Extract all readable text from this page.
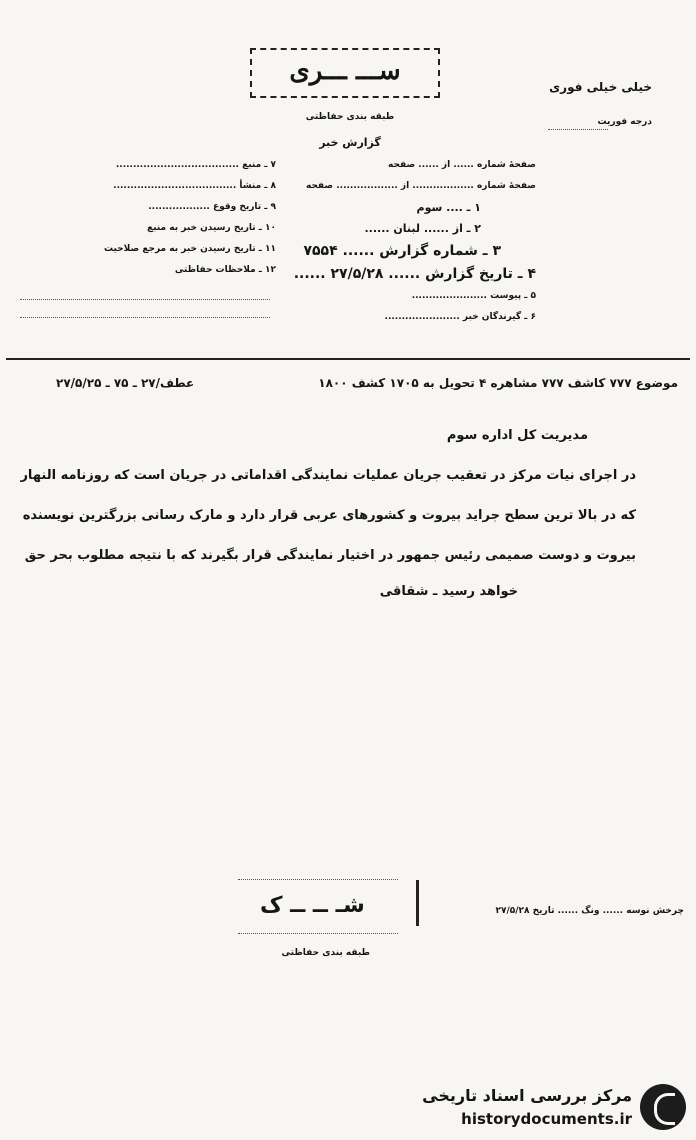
ســـ ـــری
طبقه بندی حفاظتی
خیلی خیلی فوری
درجه فوریت
گزارش خبر
صفحهٔ شماره ...... از ...... صفحه
صفحهٔ شماره .................. از .................. صفحه
۱ ـ .... سوم
۲ ـ از ...... لبنان ......
۳ ـ شماره گزارش ...... ۷۵۵۴
۴ ـ تاریخ گزارش ...... ۲۷/۵/۲۸ ......
۵ ـ پیوست ......................
۶ ـ گیرندگان خبر ......................
۷ ـ منبع ....................................
۸ ـ منشأ ....................................
۹ ـ تاریخ وقوع ..................
۱۰ ـ تاریخ رسیدن خبر به منبع
۱۱ ـ تاریخ رسیدن خبر به مرجع صلاحیت
۱۲ ـ ملاحظات حفاظتی
موضوع ۷۷۷ کاشف ۷۷۷ مشاهره ۴ تحویل به ۱۷۰۵ کشف ۱۸۰۰
عطف/۲۷ ـ ۷۵ ـ ۲۷/۵/۲۵
مدیریت کل اداره سوم
در اجرای نیات مرکز در تعقیب جریان عملیات نمایندگی اقداماتی در جریان است که روزنامه النهار
که در بالا ترین سطح جراید بیروت و کشورهای عربی قرار دارد و مارک رسانی بزرگترین نویسنده
بیروت و دوست صمیمی رئیس جمهور در اختیار نمایندگی قرار بگیرند که با نتیجه مطلوب بحر حق
خواهد رسید ـ شقاقی
چرخش نوسه ...... ونگ ...... تاریخ ۲۷/۵/۲۸
شـ ــ ــ ک
طبقه بندی حفاظتی
مرکز بررسی اسناد تاریخی
historydocuments.ir
